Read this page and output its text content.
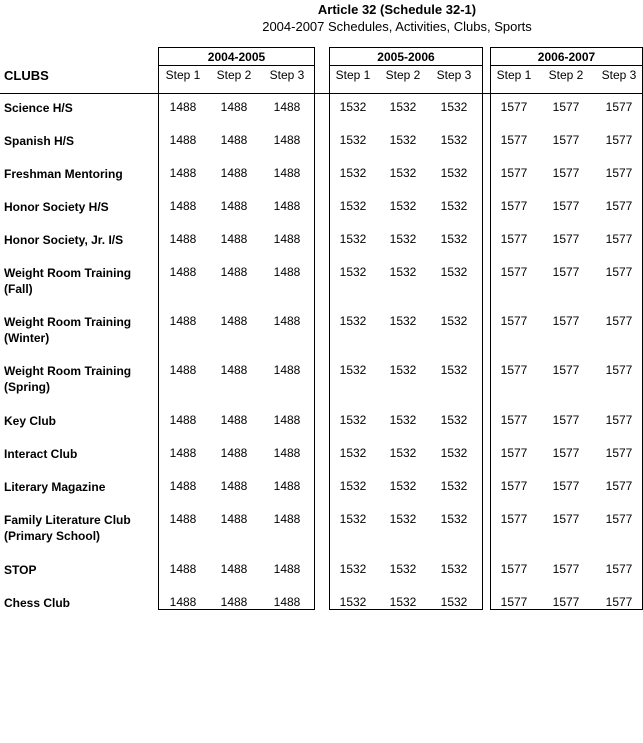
Article 32 (Schedule 32-1)
2004-2007 Schedules, Activities, Clubs, Sports
CLUBS
2004-2005
Step 1	Step 2	Step 3
2005-2006
Step 1	Step 2	Step 3
2006-2007
Step 1	Step 2	Step 3
Science H/S	1488	1488	1488	1532	1532	1532	1577	1577	1577
Spanish H/S	1488	1488	1488	1532	1532	1532	1577	1577	1577
Freshman Mentoring	1488	1488	1488	1532	1532	1532	1577	1577	1577
Honor Society H/S	1488	1488	1488	1532	1532	1532	1577	1577	1577
Honor Society, Jr. I/S	1488	1488	1488	1532	1532	1532	1577	1577	1577
Weight Room Training
(Fall)
1488	1488	1488	1532	1532	1532	1577	1577	1577
Weight Room Training
(Winter)
1488	1488	1488	1532	1532	1532	1577	1577	1577
Weight Room Training
(Spring)
1488	1488	1488	1532	1532	1532	1577	1577	1577
Key Club	1488	1488	1488	1532	1532	1532	1577	1577	1577
Interact Club	1488	1488	1488	1532	1532	1532	1577	1577	1577
Literary Magazine	1488	1488	1488	1532	1532	1532	1577	1577	1577
Family Literature Club
(Primary School)
1488	1488	1488	1532	1532	1532	1577	1577	1577
STOP	1488	1488	1488	1532	1532	1532	1577	1577	1577
Chess Club	1488	1488	1488	1532	1532	1532	1577	1577	1577
